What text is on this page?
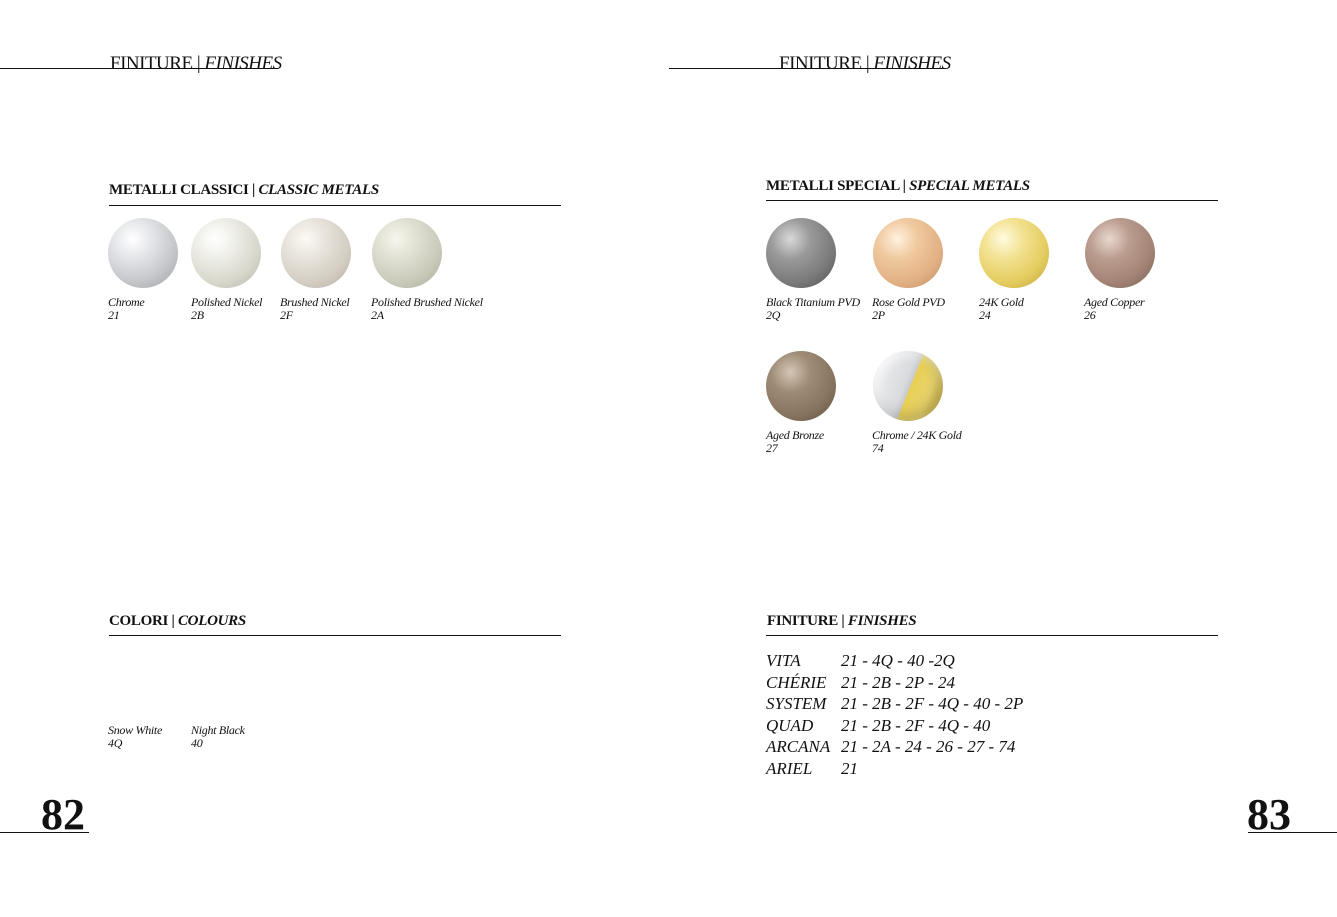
FINITURE | FINISHES
METALLI CLASSICI | CLASSIC METALS
Chrome
21
Polished Nickel
2B
Brushed Nickel
2F
Polished Brushed Nickel
2A
COLORI | COLOURS
Snow White
4Q
Night Black
40
82
FINITURE | FINISHES
METALLI SPECIAL | SPECIAL METALS
Black Titanium PVD
2Q
Rose Gold PVD
2P
24K Gold
24
Aged Copper
26
Aged Bronze
27
Chrome / 24K Gold
74
FINITURE | FINISHES
VITA 21 - 4Q - 40 -2Q
CHÉRIE 21 - 2B - 2P - 24
SYSTEM 21 - 2B - 2F - 4Q - 40 - 2P
QUAD 21 - 2B - 2F - 4Q - 40
ARCANA 21 - 2A - 24 - 26 - 27 - 74
ARIEL 21
83
